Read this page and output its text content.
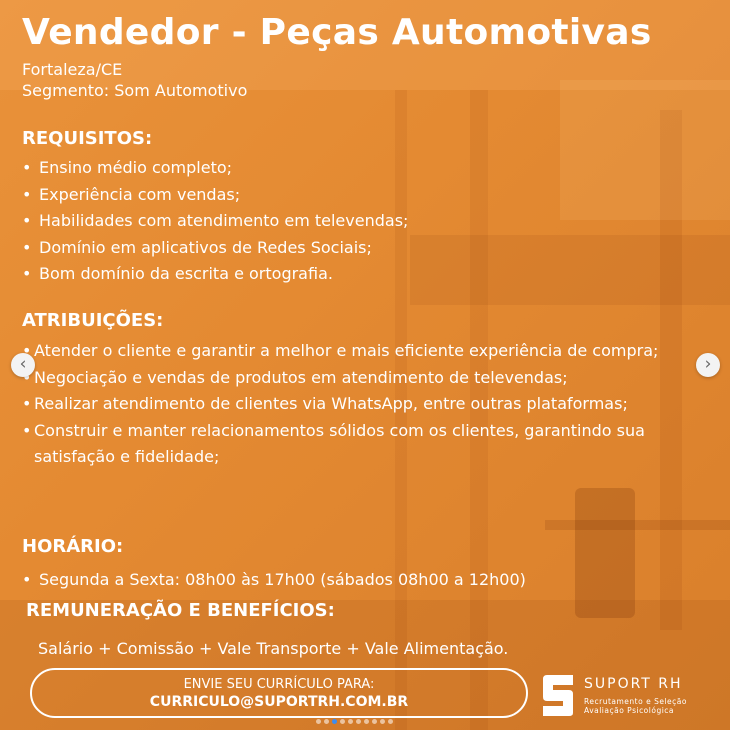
Vendedor - Peças Automotivas
Fortaleza/CE
Segmento: Som Automotivo
REQUISITOS:
• Ensino médio completo;
• Experiência com vendas;
• Habilidades com atendimento em televendas;
• Domínio em aplicativos de Redes Sociais;
• Bom domínio da escrita e ortografia.
ATRIBUIÇÕES:
• Atender o cliente e garantir a melhor e mais eficiente experiência de compra;
• Negociação e vendas de produtos em atendimento de televendas;
• Realizar atendimento de clientes via WhatsApp, entre outras plataformas;
• Construir e manter relacionamentos sólidos com os clientes, garantindo sua satisfação e fidelidade;
HORÁRIO:
• Segunda a Sexta: 08h00 às 17h00 (sábados 08h00 a 12h00)
REMUNERAÇÃO E BENEFÍCIOS:
Salário + Comissão + Vale Transporte + Vale Alimentação.
‹	›
ENVIE SEU CURRÍCULO PARA:
CURRICULO@SUPORTRH.COM.BR
SUPORT RH
Recrutamento e Seleção Avaliação Psicológica
